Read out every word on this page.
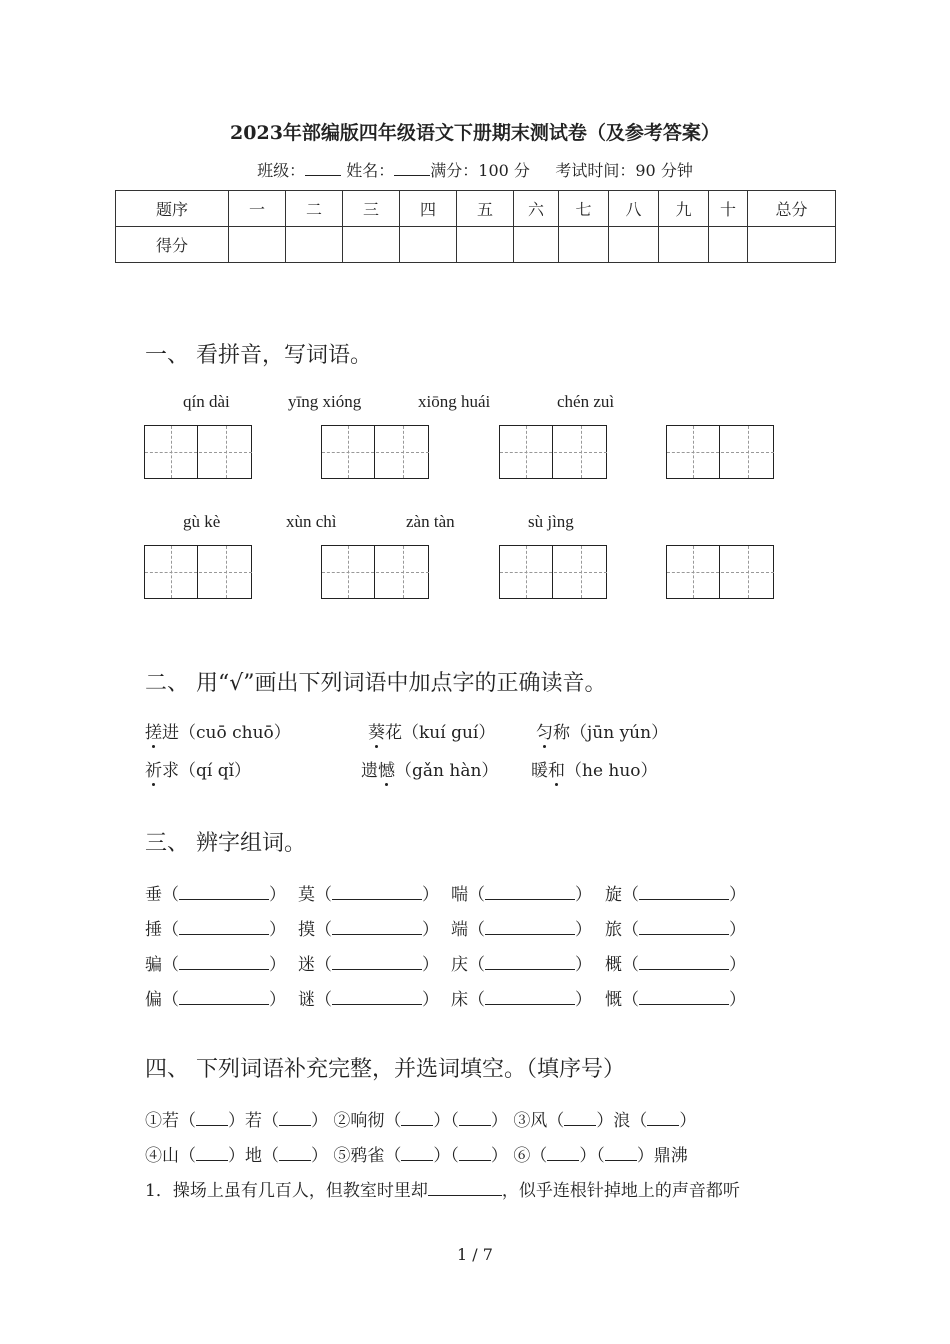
2023年部编版四年级语文下册期末测试卷（及参考答案）
班级：	姓名： 满分：100 分 考试时间：90 分钟
题序	一	二	三	四	五	六	七	八	九	十	总分
得分											
一、 看拼音，写词语。
qín dài	yīng xióng	xiōng huái	chén zuì
gù kè	xùn chì	zàn tàn	sù jìng
二、 用“√”画出下列词语中加点字的正确读音。
搓进（cuō chuō）	葵花（kuí guí） 匀称（jūn yún）
祈求（qí qǐ）	遗憾（gǎn hàn） 暖和（he huo）
三、 辨字组词。
垂（	） 莫（	） 喘（	） 旋（	）
捶（	） 摸（	） 端（	） 旅（	）
骗（	） 迷（	） 庆（	） 概（	）
偏（	） 谜（	） 床（	） 慨（	）
四、 下列词语补充完整，并选词填空。（填序号）
①若（ ）若（ ） ②响彻（ ）（ ） ③风（ ）浪（ ）
④山（ ）地（ ） ⑤鸦雀（ ）（ ） ⑥（ ）（ ）鼎沸
1．操场上虽有几百人，但教室时里却	，似乎连根针掉地上的声音都听
1 / 7
